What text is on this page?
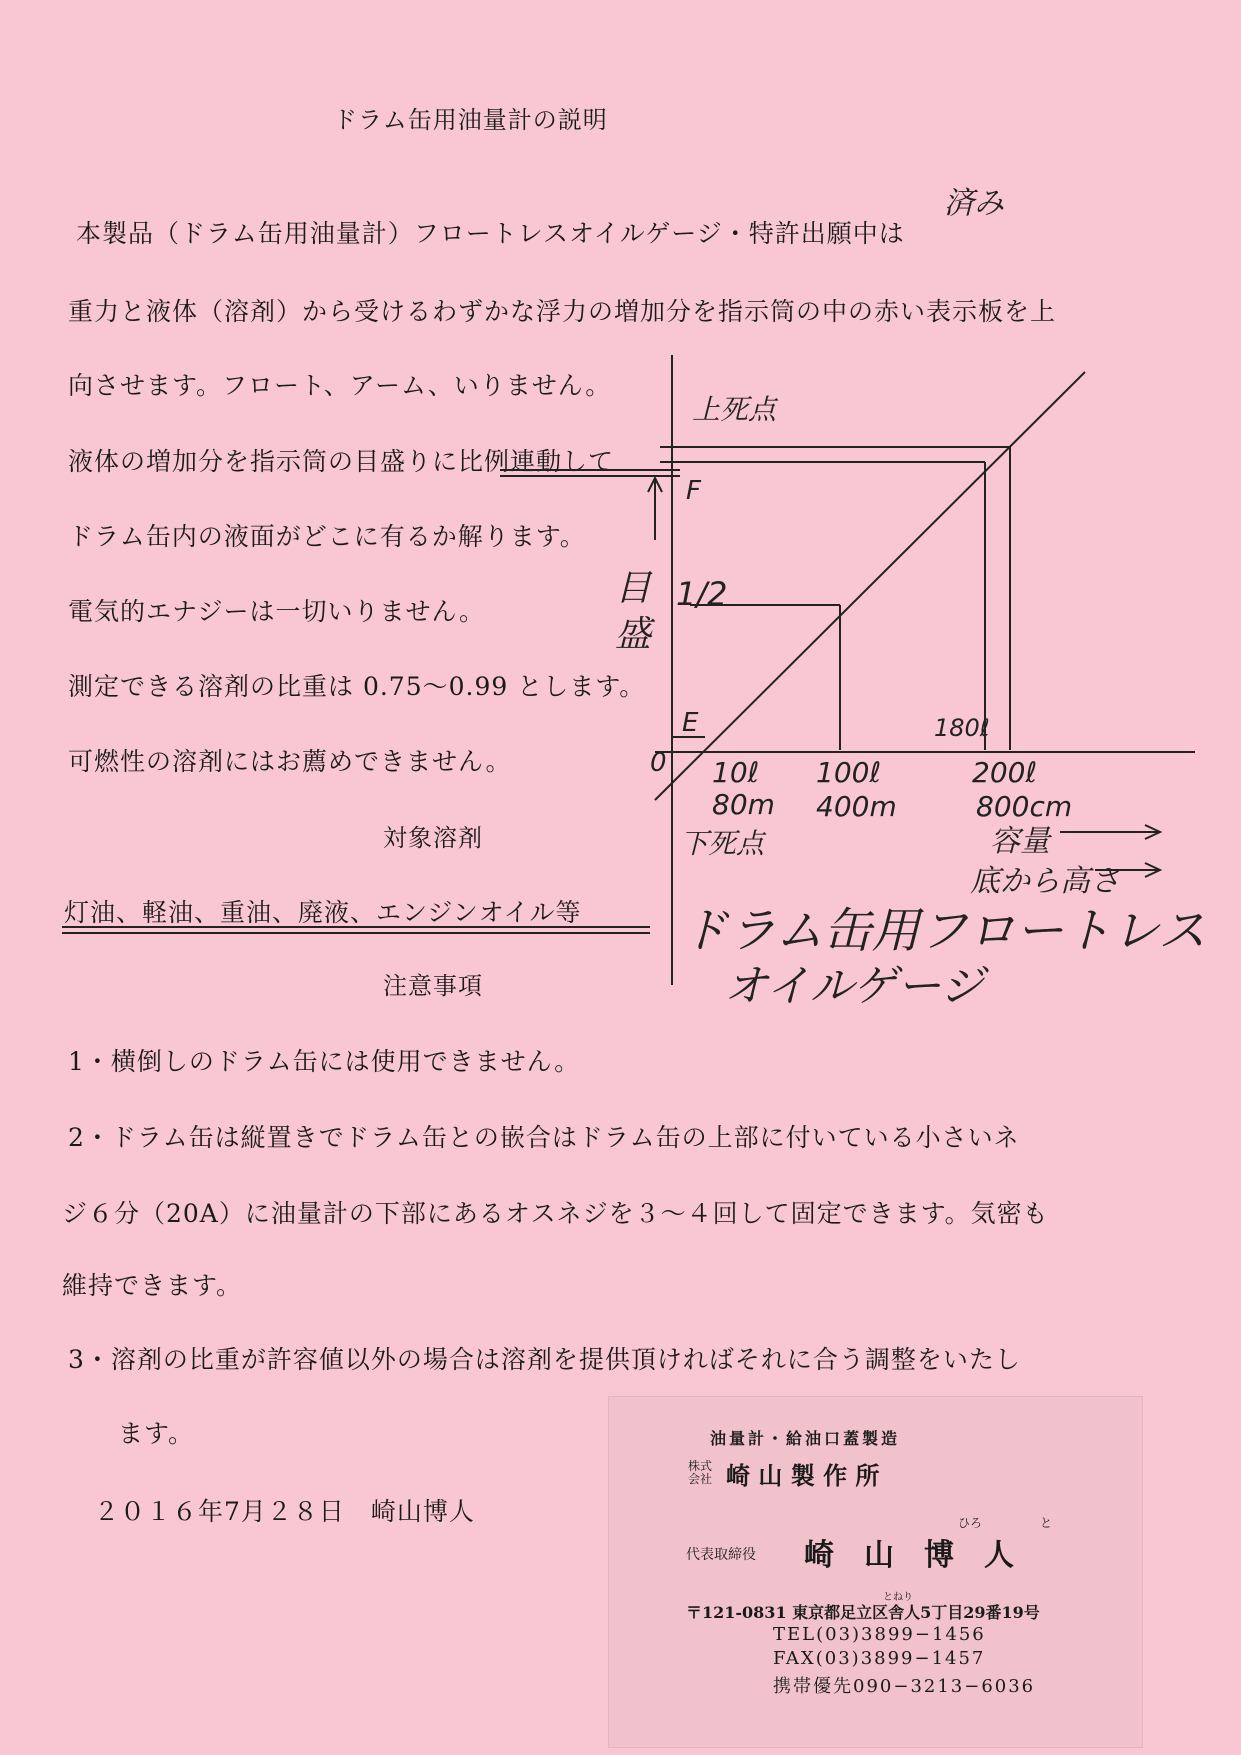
ドラム缶用油量計の説明
本製品（ドラム缶用油量計）フロートレスオイルゲージ・特許出願中は
済み
重力と液体（溶剤）から受けるわずかな浮力の増加分を指示筒の中の赤い表示板を上
向させます。フロート、アーム、いりません。
液体の増加分を指示筒の目盛りに比例連動して
ドラム缶内の液面がどこに有るか解ります。
電気的エナジーは一切いりません。
測定できる溶剤の比重は 0.75〜0.99 とします。
可燃性の溶剤にはお薦めできません。
対象溶剤
灯油、軽油、重油、廃液、エンジンオイル等
注意事項
1・横倒しのドラム缶には使用できません。
2・ドラム缶は縦置きでドラム缶との嵌合はドラム缶の上部に付いている小さいネ
ジ６分（20A）に油量計の下部にあるオスネジを３〜４回して固定できます。気密も
維持できます。
3・溶剤の比重が許容値以外の場合は溶剤を提供頂ければそれに合う調整をいたし
ます。
２０１６年7月２８日　崎山博人
上死点
F
目
盛
1/2
E
0
180ℓ
10ℓ
80m
100ℓ
400m
200ℓ
800cm
下死点	容量
底から高さ
ドラム缶用フロートレス
オイルゲージ
油量計・給油口蓋製造
株式会社 崎 山 製 作 所
ひろ	と
代表取締役 崎　山　博　人
とねり
〒121-0831 東京都足立区舎人5丁目29番19号
TEL(03)3899−1456
FAX(03)3899−1457
携帯優先090−3213−6036
